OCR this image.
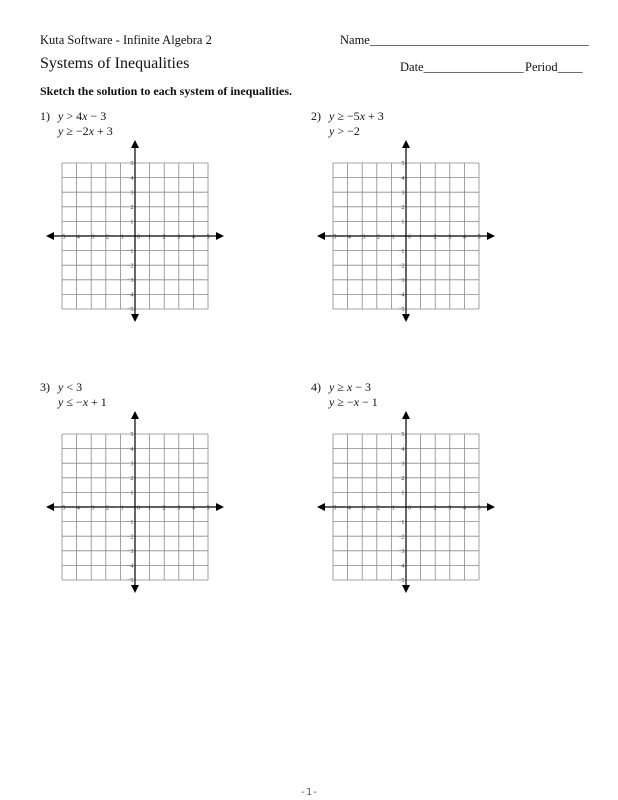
Kuta Software - Infinite Algebra 2	Name___________________________________
Systems of Inequalities	Date________________ Period____
Sketch the solution to each system of inequalities.
1) y > 4x − 3
y ≥ −2x + 3
2) y ≥ −5x + 3
y > −2
3) y < 3
y ≤ −x + 1
4) y ≥ x − 3
y ≥ −x − 1
−5 −4 −3 −2 −1 0 1 2 3 4 5
5
4
3
2
1
−1
−2
−3
−4
−5
−5 −4 −3 −2 −1 0 1 2 3 4 5
5
4
3
2
1
−1
−2
−3
−4
−5
−5 −4 −3 −2 −1 0 1 2 3 4 5
5
4
3
2
1
−1
−2
−3
−4
−5
−5 −4 −3 −2 −1 0 1 2 3 4 5
5
4
3
2
1
−1
−2
−3
−4
−5
-1-
